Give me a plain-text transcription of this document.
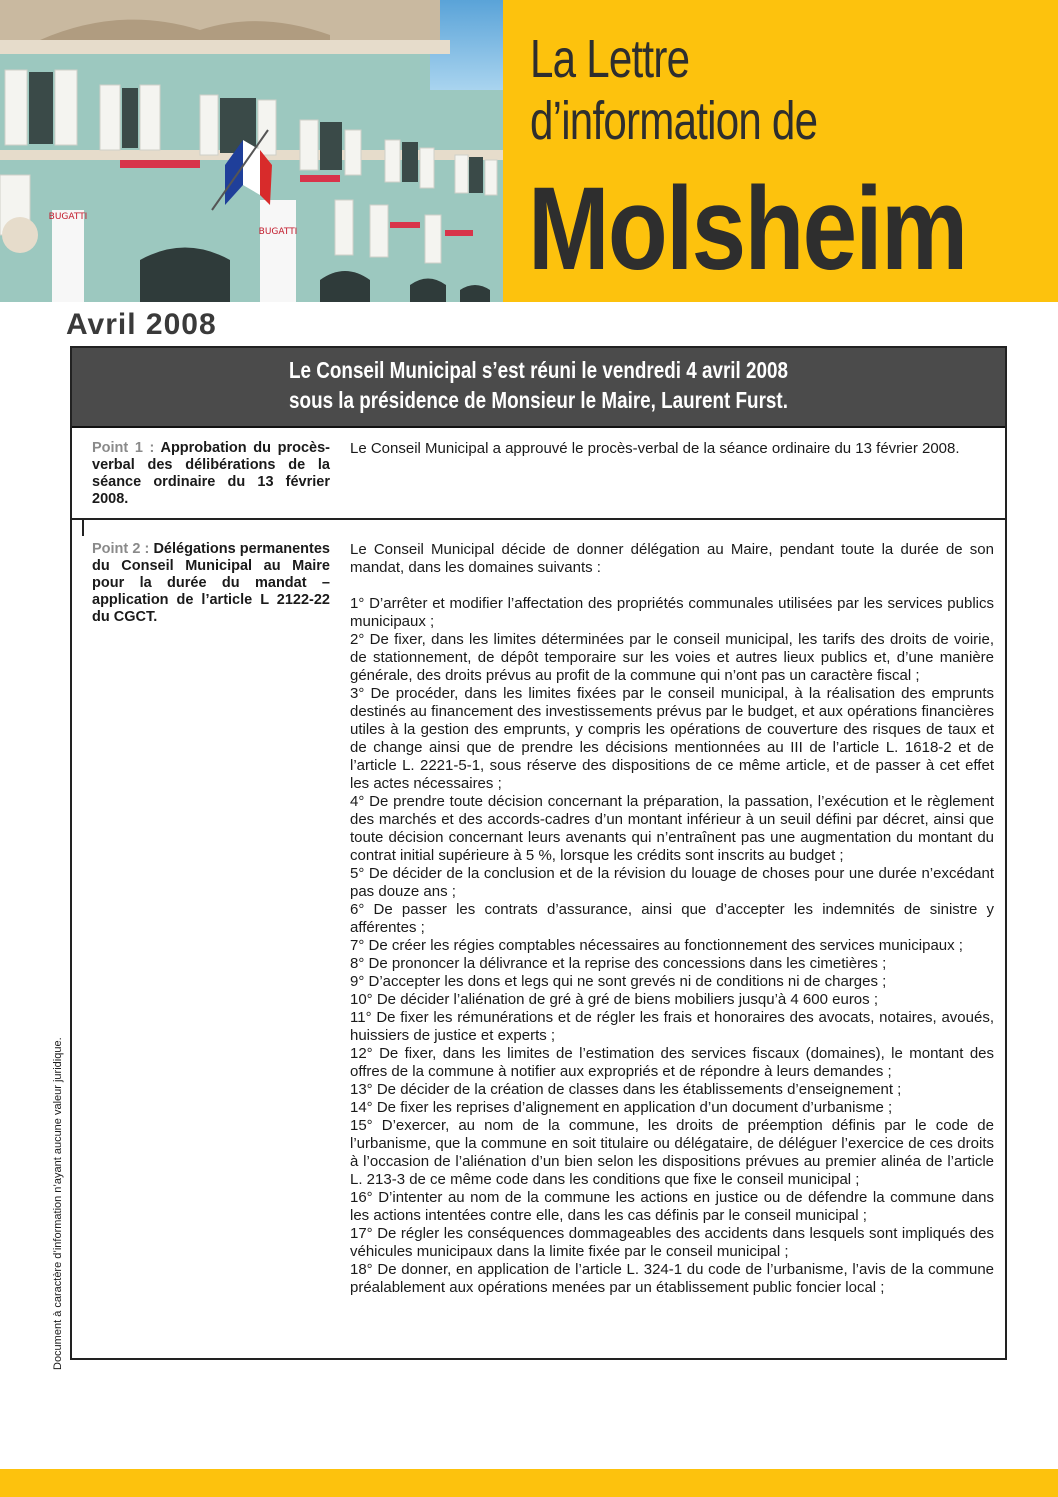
BUGATTI
BUGATTI
La Lettre
d’information de
Molsheim
Avril 2008
Le Conseil Municipal s’est réuni le vendredi 4 avril 2008
sous la présidence de Monsieur le Maire, Laurent Furst.
Point 1 : Approbation du procès-verbal des délibérations de la séance ordinaire du 13 février 2008.

Le Conseil Municipal a approuvé le procès-verbal de la séance ordinaire du 13 février 2008.

Point 2 : Délégations permanentes du Conseil Municipal au Maire pour la durée du mandat – application de l’article L 2122-22 du CGCT.

Le Conseil Municipal décide de donner délégation au Maire, pendant toute la durée de son mandat, dans les domaines suivants :

1° D’arrêter et modifier l’affectation des propriétés communales utilisées par les services publics municipaux ;

2° De fixer, dans les limites déterminées par le conseil municipal, les tarifs des droits de voirie, de stationnement, de dépôt temporaire sur les voies et autres lieux publics et, d’une manière générale, des droits prévus au profit de la commune qui n’ont pas un caractère fiscal ;

3° De procéder, dans les limites fixées par le conseil municipal, à la réalisation des emprunts destinés au financement des investissements prévus par le budget, et aux opérations financières utiles à la gestion des emprunts, y compris les opérations de couverture des risques de taux et de change ainsi que de prendre les décisions mentionnées au III de l’article L. 1618-2 et de l’article L. 2221-5-1, sous réserve des dispositions de ce même article, et de passer à cet effet les actes nécessaires ;

4° De prendre toute décision concernant la préparation, la passation, l’exécution et le règlement des marchés et des accords-cadres d’un montant inférieur à un seuil défini par décret, ainsi que toute décision concernant leurs avenants qui n’entraînent pas une augmentation du montant du contrat initial supérieure à 5 %, lorsque les crédits sont inscrits au budget ;

5° De décider de la conclusion et de la révision du louage de choses pour une durée n’excédant pas douze ans ;

6° De passer les contrats d’assurance, ainsi que d’accepter les indemnités de sinistre y afférentes ;

7° De créer les régies comptables nécessaires au fonctionnement des services municipaux ;

8° De prononcer la délivrance et la reprise des concessions dans les cimetières ;

9° D’accepter les dons et legs qui ne sont grevés ni de conditions ni de charges ;

10° De décider l’aliénation de gré à gré de biens mobiliers jusqu’à 4 600 euros ;

11° De fixer les rémunérations et de régler les frais et honoraires des avocats, notaires, avoués, huissiers de justice et experts ;

12° De fixer, dans les limites de l’estimation des services fiscaux (domaines), le montant des offres de la commune à notifier aux expropriés et de répondre à leurs demandes ;

13° De décider de la création de classes dans les établissements d’enseignement ;

14° De fixer les reprises d’alignement en application d’un document d’urbanisme ;

15° D’exercer, au nom de la commune, les droits de préemption définis par le code de l’urbanisme, que la commune en soit titulaire ou délégataire, de déléguer l’exercice de ces droits à l’occasion de l’aliénation d’un bien selon les dispositions prévues au premier alinéa de l’article L. 213-3 de ce même code dans les conditions que fixe le conseil municipal ;

16° D’intenter au nom de la commune les actions en justice ou de défendre la commune dans les actions intentées contre elle, dans les cas définis par le conseil municipal ;

17° De régler les conséquences dommageables des accidents dans lesquels sont impliqués des véhicules municipaux dans la limite fixée par le conseil municipal ;

18° De donner, en application de l’article L. 324-1 du code de l’urbanisme, l’avis de la commune préalablement aux opérations menées par un établissement public foncier local ;

Document à caractère d’information n’ayant aucune valeur juridique.
